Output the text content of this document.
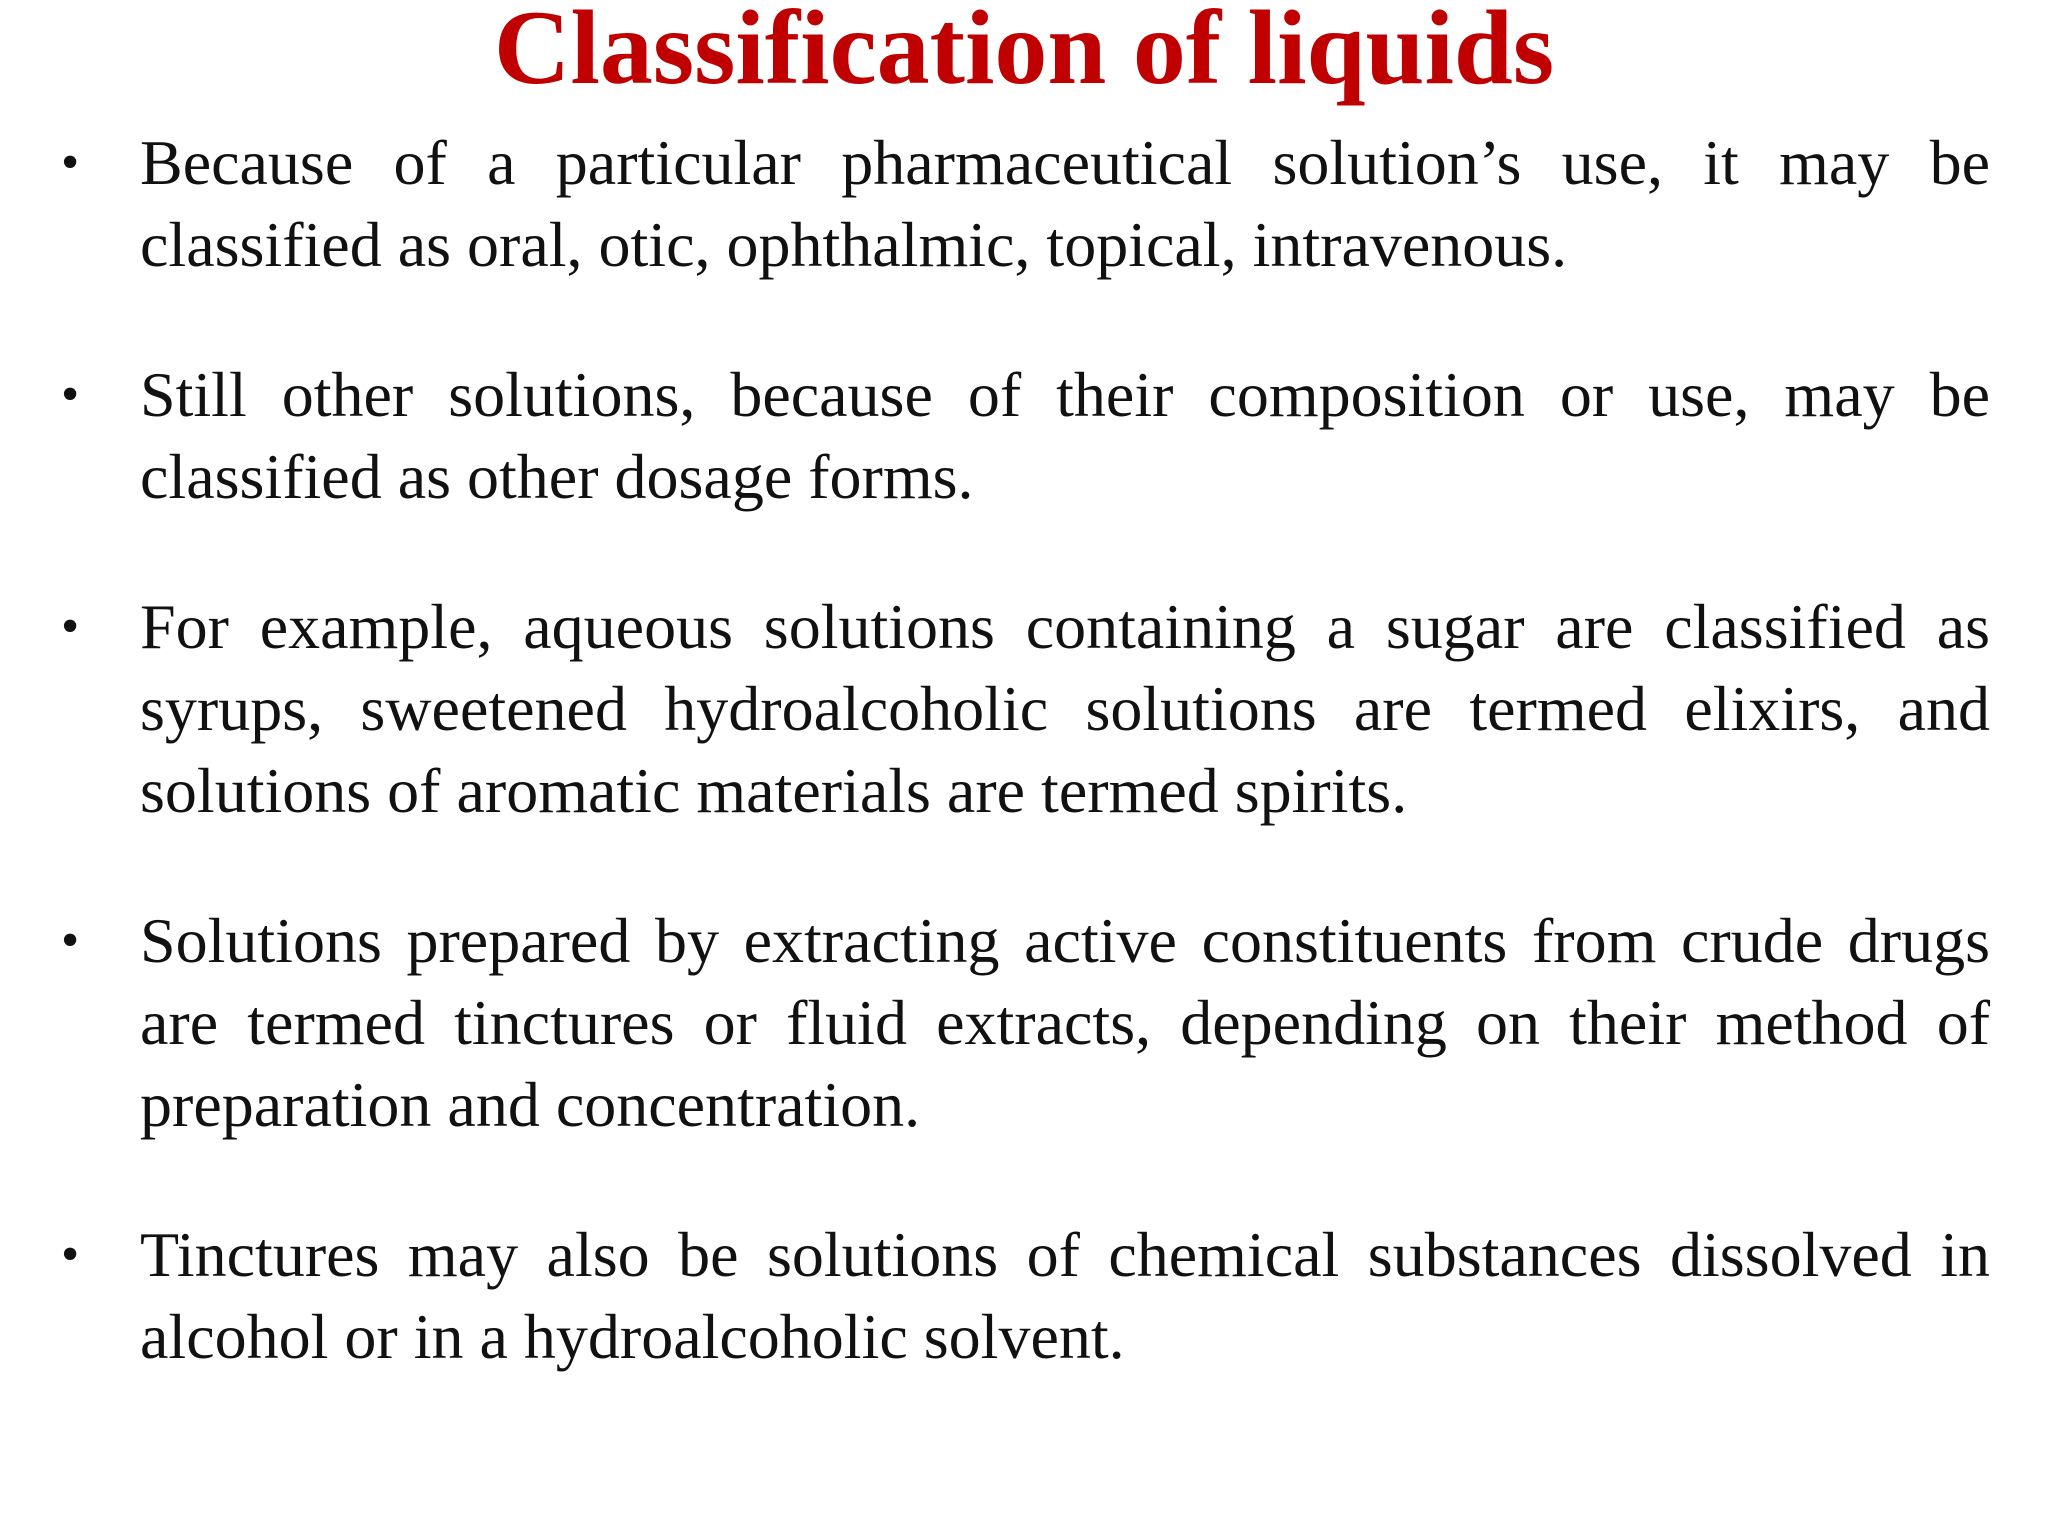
Classification of liquids
• Because of a particular pharmaceutical solution’s use, it may be classified as oral, otic, ophthalmic, topical, intravenous.
• Still other solutions, because of their composition or use, may be classified as other dosage forms.
• For example, aqueous solutions containing a sugar are classified as syrups, sweetened hydroalcoholic solutions are termed elixirs, and solutions of aromatic materials are termed spirits.
• Solutions prepared by extracting active constituents from crude drugs are termed tinctures or fluid extracts, depending on their method of preparation and concentration.
• Tinctures may also be solutions of chemical substances dissolved in alcohol or in a hydroalcoholic solvent.
